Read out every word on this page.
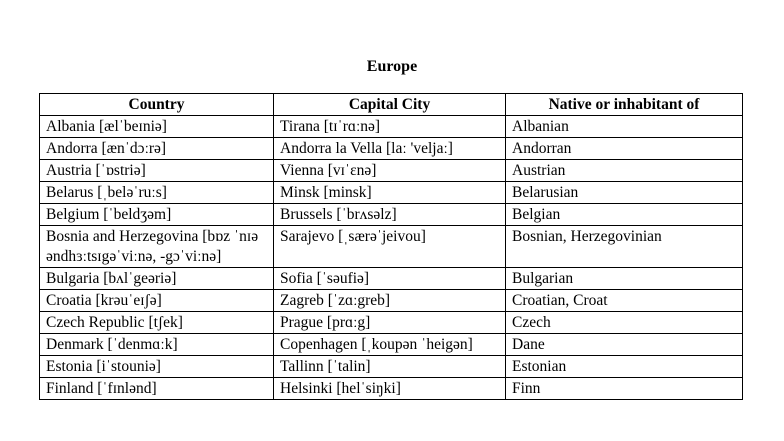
Europe
Country	Capital City	Native or inhabitant of
Albania [ælˈbeɪniə]	Tirana [tɪˈrɑːnə]	Albanian
Andorra [ænˈdɔːrə]	Andorra la Vella [laː 'veljaː]	Andorran
Austria [ˈɒstriə]	Vienna [vɪˈɛnə]	Austrian
Belarus [ˌbeləˈruːs]	Minsk [minsk]	Belarusian
Belgium [ˈbeldʒəm]	Brussels [ˈbrʌsəlz]	Belgian
Bosnia and Herzegovina [bɒz ˈnɪə əndhɜːtsɪgəˈviːnə, -gɔˈviːnə]	Sarajevo [ˌsærəˈjeivou]	Bosnian, Herzegovinian
Bulgaria [bʌlˈgeəriə]	Sofia [ˈsəufiə]	Bulgarian
Croatia [krəuˈeɪʃə]	Zagreb [ˈzɑːgreb]	Croatian, Croat
Czech Republic [tʃek]	Prague [prɑːg]	Czech
Denmark [ˈdenmɑːk]	Copenhagen [ˌkoupən ˈheigən]	Dane
Estonia [iˈstouniə]	Tallinn [ˈtalin]	Estonian
Finland [ˈfɪnlənd]	Helsinki [helˈsiŋki]	Finn
